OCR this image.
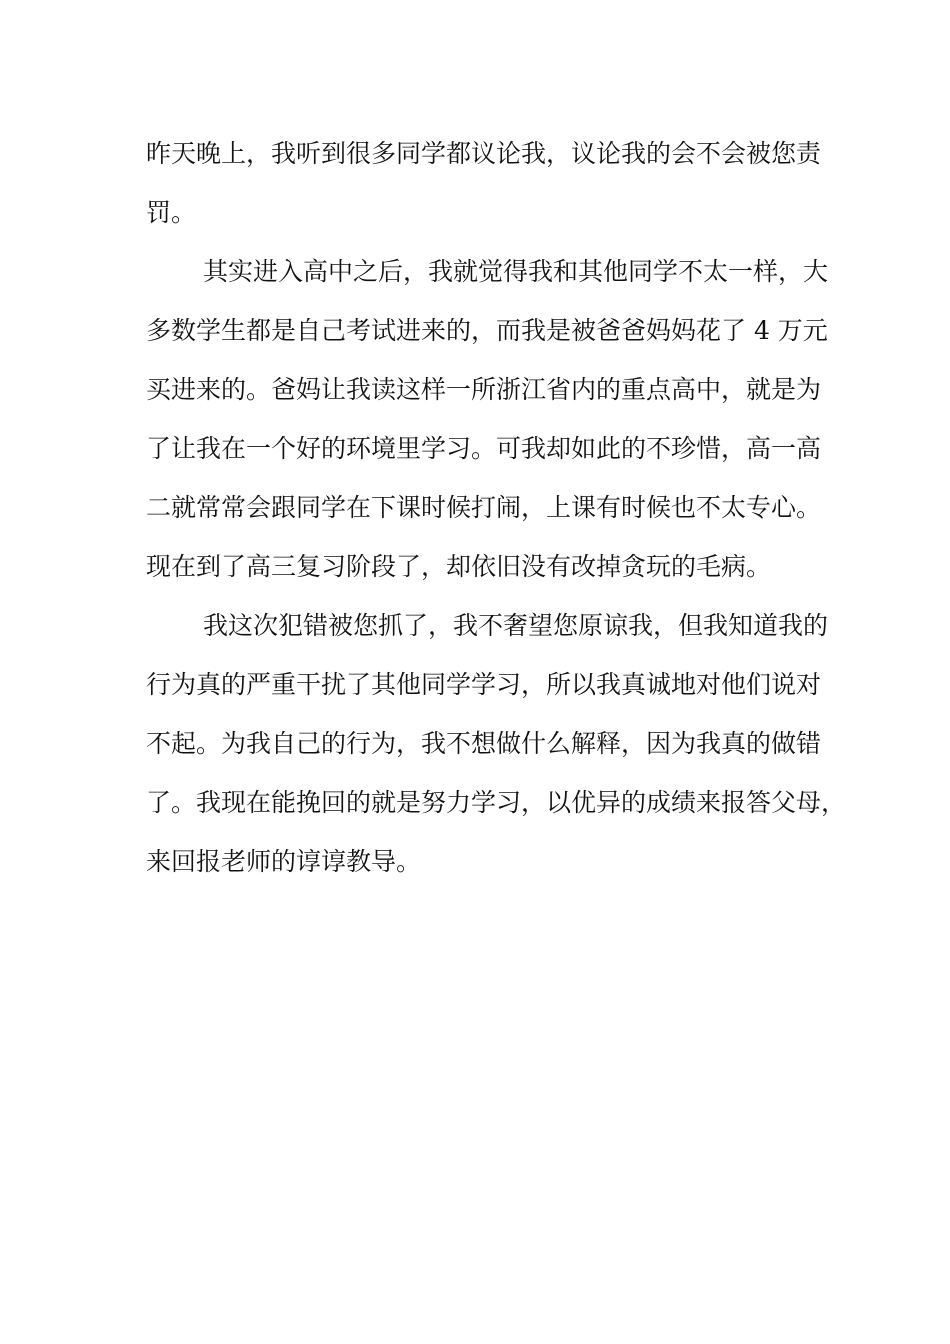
昨天晚上，我听到很多同学都议论我，议论我的会不会被您责
罚。
其实进入高中之后，我就觉得我和其他同学不太一样，大
多数学生都是自己考试进来的，而我是被爸爸妈妈花了 4 万元
买进来的。爸妈让我读这样一所浙江省内的重点高中，就是为
了让我在一个好的环境里学习。可我却如此的不珍惜，高一高
二就常常会跟同学在下课时候打闹，上课有时候也不太专心。
现在到了高三复习阶段了，却依旧没有改掉贪玩的毛病。
我这次犯错被您抓了，我不奢望您原谅我，但我知道我的
行为真的严重干扰了其他同学学习，所以我真诚地对他们说对
不起。为我自己的行为，我不想做什么解释，因为我真的做错
了。我现在能挽回的就是努力学习，以优异的成绩来报答父母，
来回报老师的谆谆教导。
